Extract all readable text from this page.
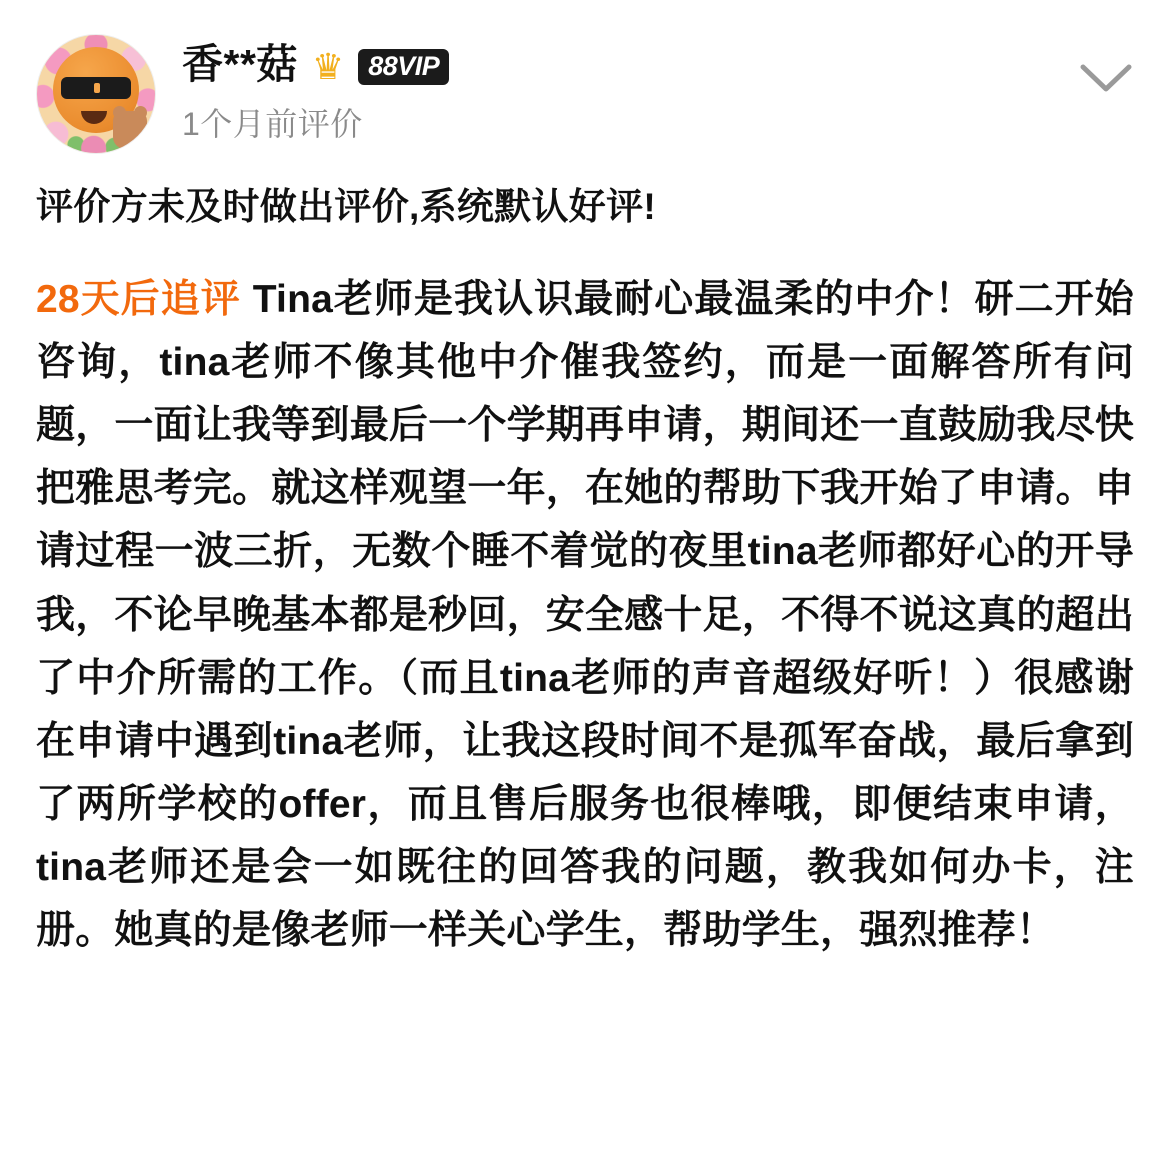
香**菇 ♛ 88VIP
1个月前评价
评价方未及时做出评价,系统默认好评!
28天后追评 Tina老师是我认识最耐心最温柔的中介！研二开始咨询，tina老师不像其他中介催我签约，而是一面解答所有问题，一面让我等到最后一个学期再申请，期间还一直鼓励我尽快把雅思考完。就这样观望一年，在她的帮助下我开始了申请。申请过程一波三折，无数个睡不着觉的夜里tina老师都好心的开导我，不论早晚基本都是秒回，安全感十足，不得不说这真的超出了中介所需的工作。（而且tina老师的声音超级好听！）很感谢在申请中遇到tina老师，让我这段时间不是孤军奋战，最后拿到了两所学校的offer，而且售后服务也很棒哦，即便结束申请，tina老师还是会一如既往的回答我的问题，教我如何办卡，注册。她真的是像老师一样关心学生，帮助学生，强烈推荐！
